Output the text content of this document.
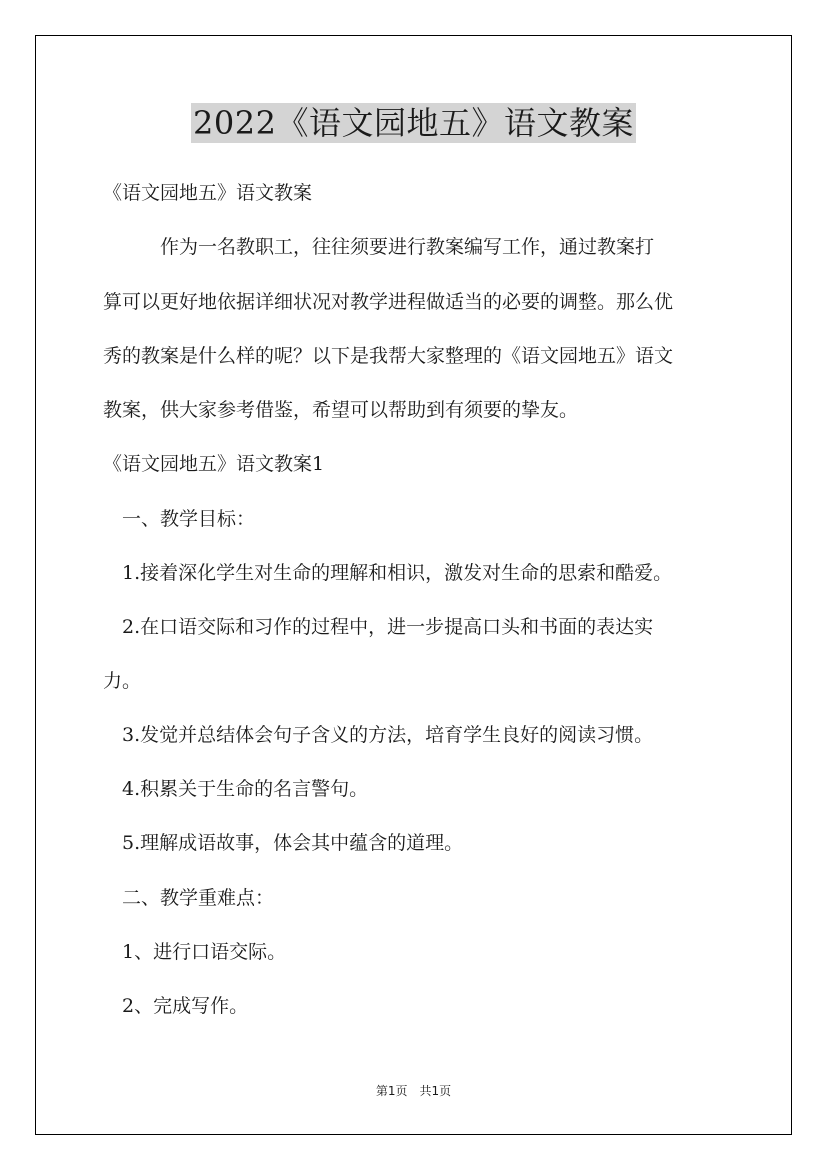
2022《语文园地五》语文教案
《语文园地五》语文教案
　　　作为一名教职工，往往须要进行教案编写工作，通过教案打
算可以更好地依据详细状况对教学进程做适当的必要的调整。那么优
秀的教案是什么样的呢？以下是我帮大家整理的《语文园地五》语文
教案，供大家参考借鉴，希望可以帮助到有须要的挚友。
《语文园地五》语文教案1
　一、教学目标：
　1.接着深化学生对生命的理解和相识，激发对生命的思索和酷爱。
　2.在口语交际和习作的过程中，进一步提高口头和书面的表达实
力。
　3.发觉并总结体会句子含义的方法，培育学生良好的阅读习惯。
　4.积累关于生命的名言警句。
　5.理解成语故事，体会其中蕴含的道理。
　二、教学重难点：
　1、进行口语交际。
　2、完成写作。
第1页　共1页
